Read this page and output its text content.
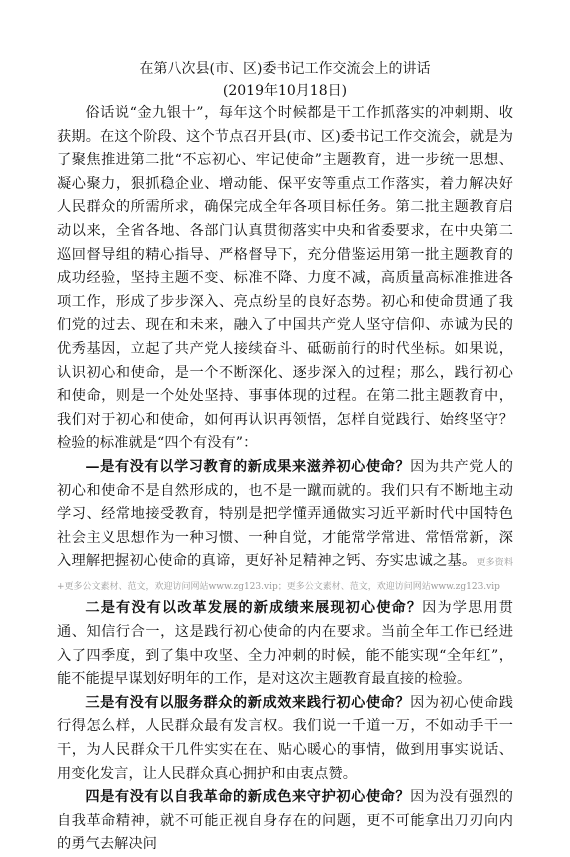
在第八次县(市、区)委书记工作交流会上的讲话
(2019年10月18日)

俗话说“金九银十”，每年这个时候都是干工作抓落实的冲刺期、收获期。在这个阶段、这个节点召开县(市、区)委书记工作交流会，就是为了聚焦推进第二批“不忘初心、牢记使命”主题教育，进一步统一思想、凝心聚力，狠抓稳企业、增动能、保平安等重点工作落实，着力解决好人民群众的所需所求，确保完成全年各项目标任务。第二批主题教育启动以来，全省各地、各部门认真贯彻落实中央和省委要求，在中央第二巡回督导组的精心指导、严格督导下，充分借鉴运用第一批主题教育的成功经验，坚持主题不变、标准不降、力度不减，高质量高标准推进各项工作，形成了步步深入、亮点纷呈的良好态势。初心和使命贯通了我们党的过去、现在和未来，融入了中国共产党人坚守信仰、赤诚为民的优秀基因，立起了共产党人接续奋斗、砥砺前行的时代坐标。如果说，认识初心和使命，是一个不断深化、逐步深入的过程；那么，践行初心和使命，则是一个处处坚持、事事体现的过程。在第二批主题教育中，我们对于初心和使命，如何再认识再领悟，怎样自觉践行、始终坚守？检验的标准就是“四个有没有”：

—是有没有以学习教育的新成果来滋养初心使命？因为共产党人的初心和使命不是自然形成的，也不是一蹴而就的。我们只有不断地主动学习、经常地接受教育，特别是把学懂弄通做实习近平新时代中国特色社会主义思想作为一种习惯、一种自觉，才能常学常进、常悟常新，深入理解把握初心使命的真谛，更好补足精神之钙、夯实忠诚之基。更多资料+更多公文素材、范文，欢迎访问网站www.zg123.vip；更多公文素材、范文，欢迎访问网站www.zg123.vip

二是有没有以改革发展的新成绩来展现初心使命？因为学思用贯通、知信行合一，这是践行初心使命的内在要求。当前全年工作已经进入了四季度，到了集中攻坚、全力冲刺的时候，能不能实现“全年红”，能不能提早谋划好明年的工作，是对这次主题教育最直接的检验。

三是有没有以服务群众的新成效来践行初心使命？因为初心使命践行得怎么样，人民群众最有发言权。我们说一千道一万，不如动手干一干，为人民群众干几件实实在在、贴心暖心的事情，做到用事实说话、用变化发言，让人民群众真心拥护和由衷点赞。

四是有没有以自我革命的新成色来守护初心使命？因为没有强烈的自我革命精神，就不可能正视自身存在的问题，更不可能拿出刀刃向内的勇气去解决问
